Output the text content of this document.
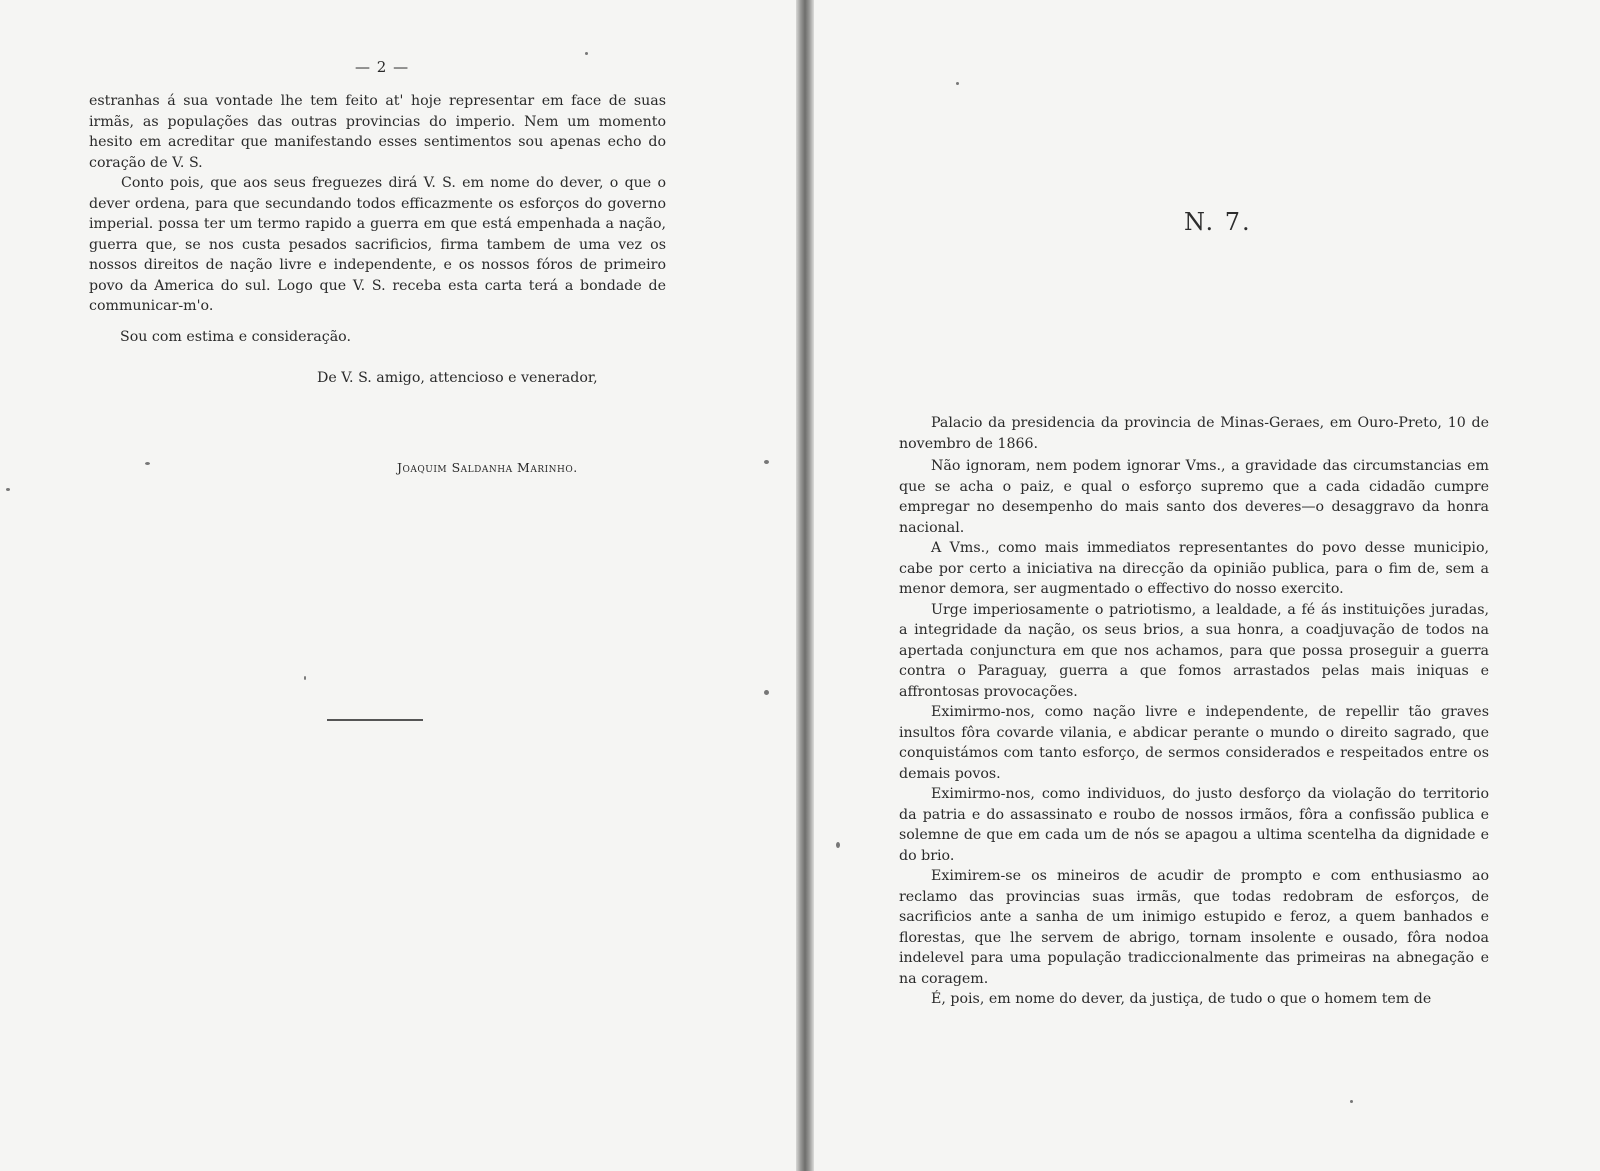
— 2 —

estranhas á sua vontade lhe tem feito at' hoje representar em face de suas irmãs, as populações das outras provincias do imperio. Nem um momento hesito em acreditar que manifestando esses sentimentos sou apenas echo do coração de V. S.

Conto pois, que aos seus freguezes dirá V. S. em nome do dever, o que o dever ordena, para que secundando todos efficazmente os esforços do governo imperial. possa ter um termo rapido a guerra em que está empenhada a nação, guerra que, se nos custa pesados sacrificios, firma tambem de uma vez os nossos direitos de nação livre e independente, e os nossos fóros de primeiro povo da America do sul. Logo que V. S. receba esta carta terá a bondade de communicar-m'o.

Sou com estima e consideração.
De V. S. amigo, attencioso e venerador,
Joaquim Saldanha Marinho.
N. 7.

Palacio da presidencia da provincia de Minas-Geraes, em Ouro-Preto, 10 de novembro de 1866.

Não ignoram, nem podem ignorar Vms., a gravidade das circumstancias em que se acha o paiz, e qual o esforço supremo que a cada cidadão cumpre empregar no desempenho do mais santo dos deveres—o desaggravo da honra nacional.

A Vms., como mais immediatos representantes do povo desse municipio, cabe por certo a iniciativa na direcção da opinião publica, para o fim de, sem a menor demora, ser augmentado o effectivo do nosso exercito.

Urge imperiosamente o patriotismo, a lealdade, a fé ás instituições juradas, a integridade da nação, os seus brios, a sua honra, a coadjuvação de todos na apertada conjunctura em que nos achamos, para que possa proseguir a guerra contra o Paraguay, guerra a que fomos arrastados pelas mais iniquas e affrontosas provocações.

Eximirmo-nos, como nação livre e independente, de repellir tão graves insultos fôra covarde vilania, e abdicar perante o mundo o direito sagrado, que conquistámos com tanto esforço, de sermos considerados e respeitados entre os demais povos.

Eximirmo-nos, como individuos, do justo desforço da violação do territorio da patria e do assassinato e roubo de nossos irmãos, fôra a confissão publica e solemne de que em cada um de nós se apagou a ultima scentelha da dignidade e do brio.

Eximirem-se os mineiros de acudir de prompto e com enthusiasmo ao reclamo das provincias suas irmãs, que todas redobram de esforços, de sacrificios ante a sanha de um inimigo estupido e feroz, a quem banhados e florestas, que lhe servem de abrigo, tornam insolente e ousado, fôra nodoa indelevel para uma população tradiccionalmente das primeiras na abnegação e na coragem.

É, pois, em nome do dever, da justiça, de tudo o que o homem tem de
